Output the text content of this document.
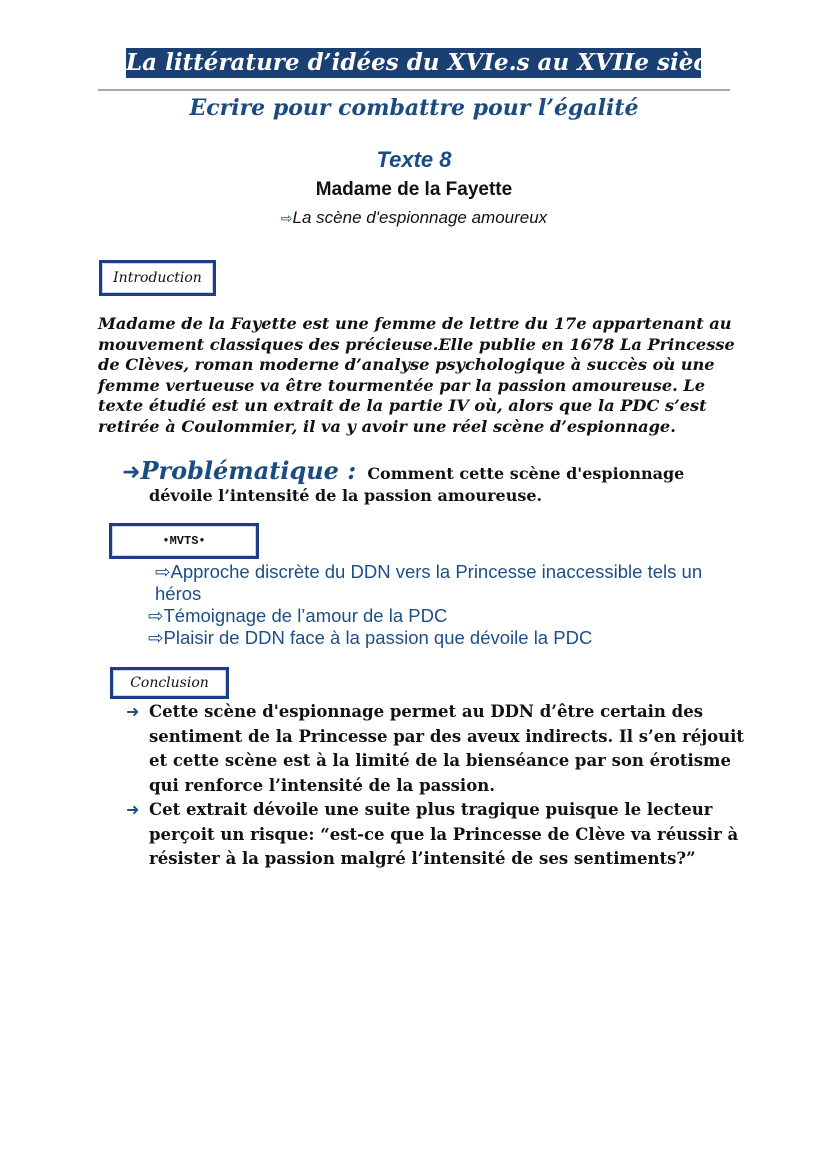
La littérature d’idées du XVIe.s au XVIIe siècle
Ecrire pour combattre pour l’égalité
Texte 8
Madame de la Fayette
⇨La scène d'espionnage amoureux
Introduction
Madame de la Fayette est une femme de lettre du 17e appartenant au mouvement classiques des précieuse.Elle publie en 1678 La Princesse de Clèves, roman moderne d’analyse psychologique à succès où une femme vertueuse va être tourmentée par la passion amoureuse. Le texte étudié est un extrait de la partie IV où, alors que la PDC s’est retirée à Coulommier, il va y avoir une réel scène d’espionnage.
➜Problématique : Comment cette scène d'espionnage
dévoile l’intensité de la passion amoureuse.
•MVTS•
⇨Approche discrète du DDN vers la Princesse inaccessible tels un héros
⇨Témoignage de l’amour de la PDC
⇨Plaisir de DDN face à la passion que dévoile la PDC
Conclusion
➜ Cette scène d'espionnage permet au DDN d’être certain des sentiment de la Princesse par des aveux indirects. Il s’en réjouit et cette scène est à la limité de la bienséance par son érotisme qui renforce l’intensité de la passion.
➜ Cet extrait dévoile une suite plus tragique puisque le lecteur perçoit un risque: “est-ce que la Princesse de Clève va réussir à résister à la passion malgré l’intensité de ses sentiments?”
